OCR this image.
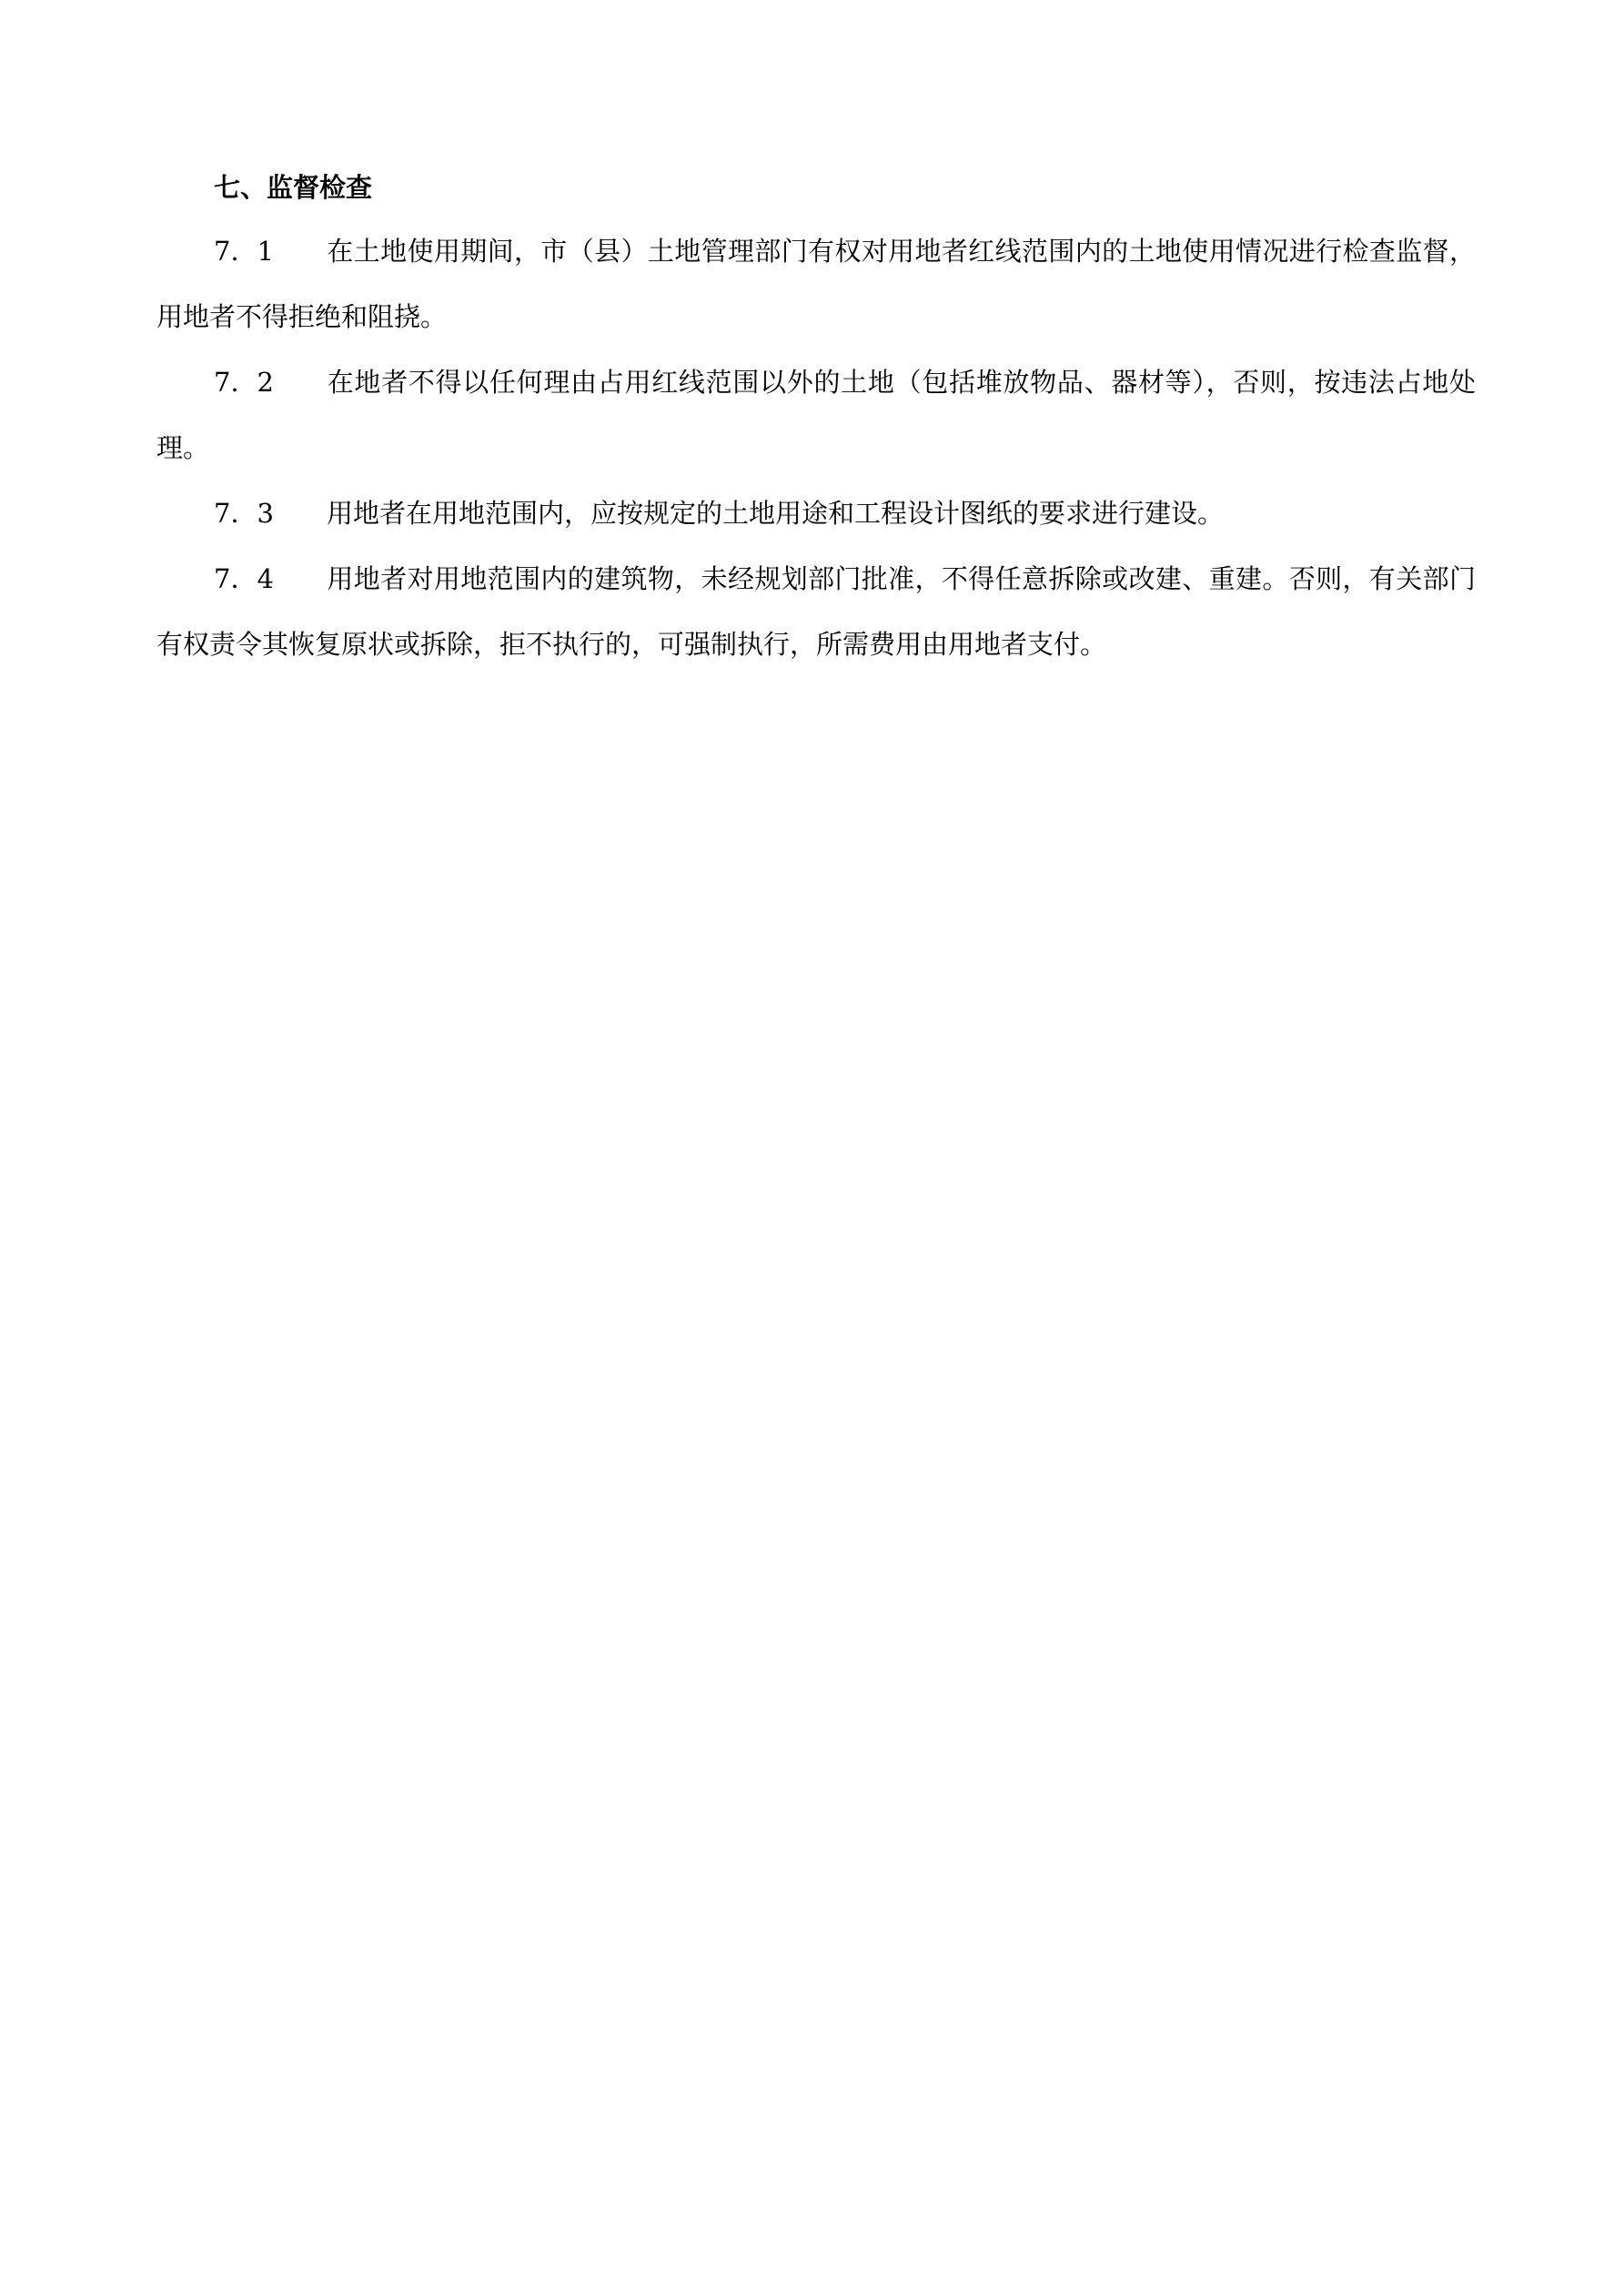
七、监督检查

7．1 在土地使用期间，市（县）土地管理部门有权对用地者红线范围内的土地使用情况进行检查监督，用地者不得拒绝和阻挠。

7．2 在地者不得以任何理由占用红线范围以外的土地（包括堆放物品、器材等），否则，按违法占地处理。

7．3 用地者在用地范围内，应按规定的土地用途和工程设计图纸的要求进行建设。

7．4 用地者对用地范围内的建筑物，未经规划部门批准，不得任意拆除或改建、重建。否则，有关部门有权责令其恢复原状或拆除，拒不执行的，可强制执行，所需费用由用地者支付。
